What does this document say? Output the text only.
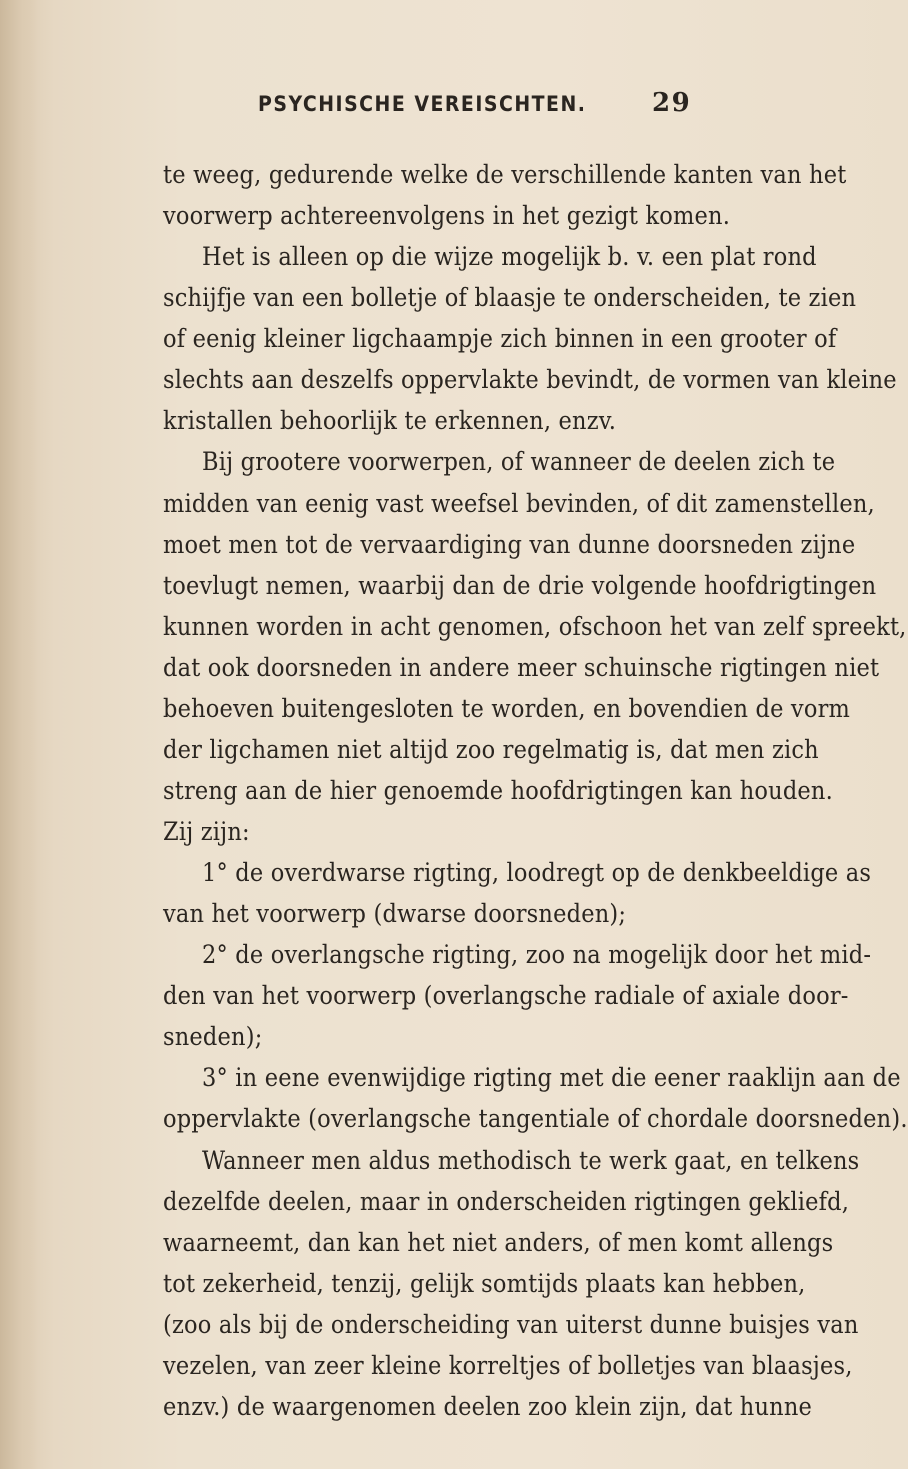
PSYCHISCHE VEREISCHTEN.	29
te weeg, gedurende welke de verschillende kanten van het
voorwerp achtereenvolgens in het gezigt komen.
Het is alleen op die wijze mogelijk b. v. een plat rond
schijfje van een bolletje of blaasje te onderscheiden, te zien
of eenig kleiner ligchaampje zich binnen in een grooter of
slechts aan deszelfs oppervlakte bevindt, de vormen van kleine
kristallen behoorlijk te erkennen, enzv.
Bij grootere voorwerpen, of wanneer de deelen zich te
midden van eenig vast weefsel bevinden, of dit zamenstellen,
moet men tot de vervaardiging van dunne doorsneden zijne
toevlugt nemen, waarbij dan de drie volgende hoofdrigtingen
kunnen worden in acht genomen, ofschoon het van zelf spreekt,
dat ook doorsneden in andere meer schuinsche rigtingen niet
behoeven buitengesloten te worden, en bovendien de vorm
der ligchamen niet altijd zoo regelmatig is, dat men zich
streng aan de hier genoemde hoofdrigtingen kan houden.
Zij zijn:
1° de overdwarse rigting, loodregt op de denkbeeldige as
van het voorwerp (dwarse doorsneden);
2° de overlangsche rigting, zoo na mogelijk door het mid-
den van het voorwerp (overlangsche radiale of axiale door-
sneden);
3° in eene evenwijdige rigting met die eener raaklijn aan de
oppervlakte (overlangsche tangentiale of chordale doorsneden).
Wanneer men aldus methodisch te werk gaat, en telkens
dezelfde deelen, maar in onderscheiden rigtingen gekliefd,
waarneemt, dan kan het niet anders, of men komt allengs
tot zekerheid, tenzij, gelijk somtijds plaats kan hebben,
(zoo als bij de onderscheiding van uiterst dunne buisjes van
vezelen, van zeer kleine korreltjes of bolletjes van blaasjes,
enzv.) de waargenomen deelen zoo klein zijn, dat hunne
